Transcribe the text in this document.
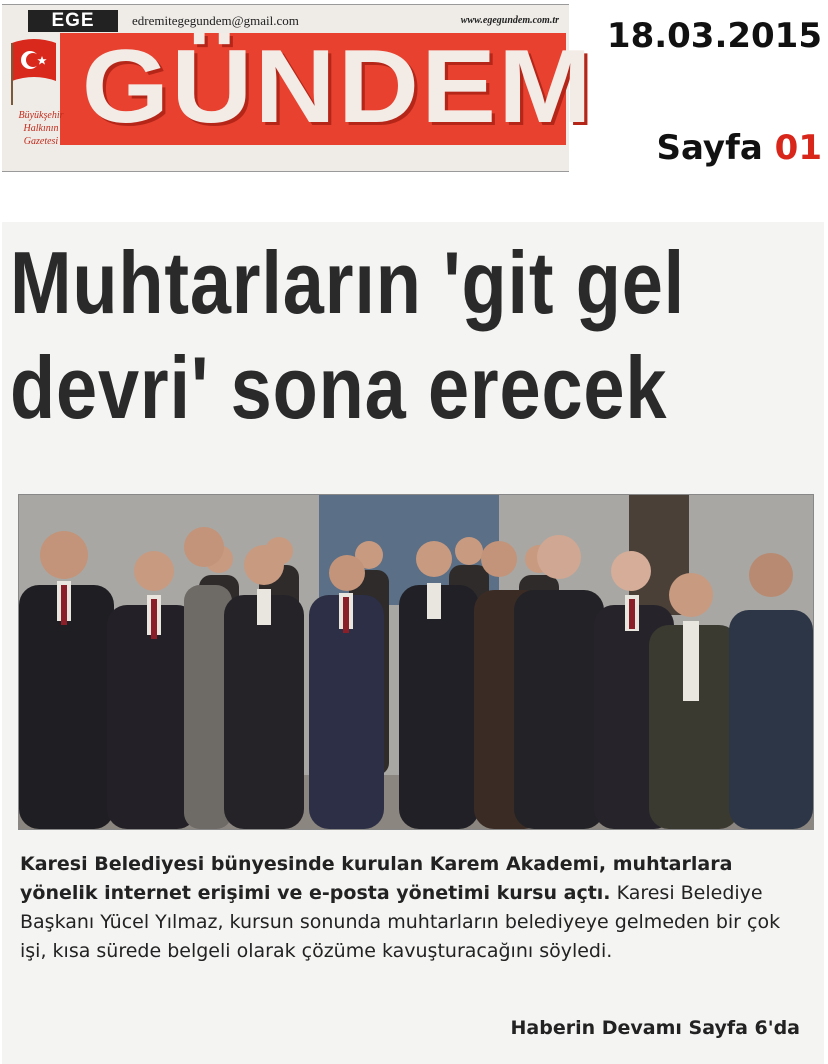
EGE	edremitegegundem@gmail.com	www.egegundem.com.tr
GÜNDEM
Büyükşehir
Halkının
Gazetesi
18.03.2015
Sayfa 01
Muhtarların 'git gel
devri' sona erecek
Karesi Belediyesi bünyesinde kurulan Karem Akademi, muhtarlara yönelik internet erişimi ve e-posta yönetimi kursu açtı. Karesi Belediye Başkanı Yücel Yılmaz, kursun sonunda muhtarların belediyeye gelmeden bir çok işi, kısa sürede belgeli olarak çözüme kavuşturacağını söyledi.
Haberin Devamı Sayfa 6'da
